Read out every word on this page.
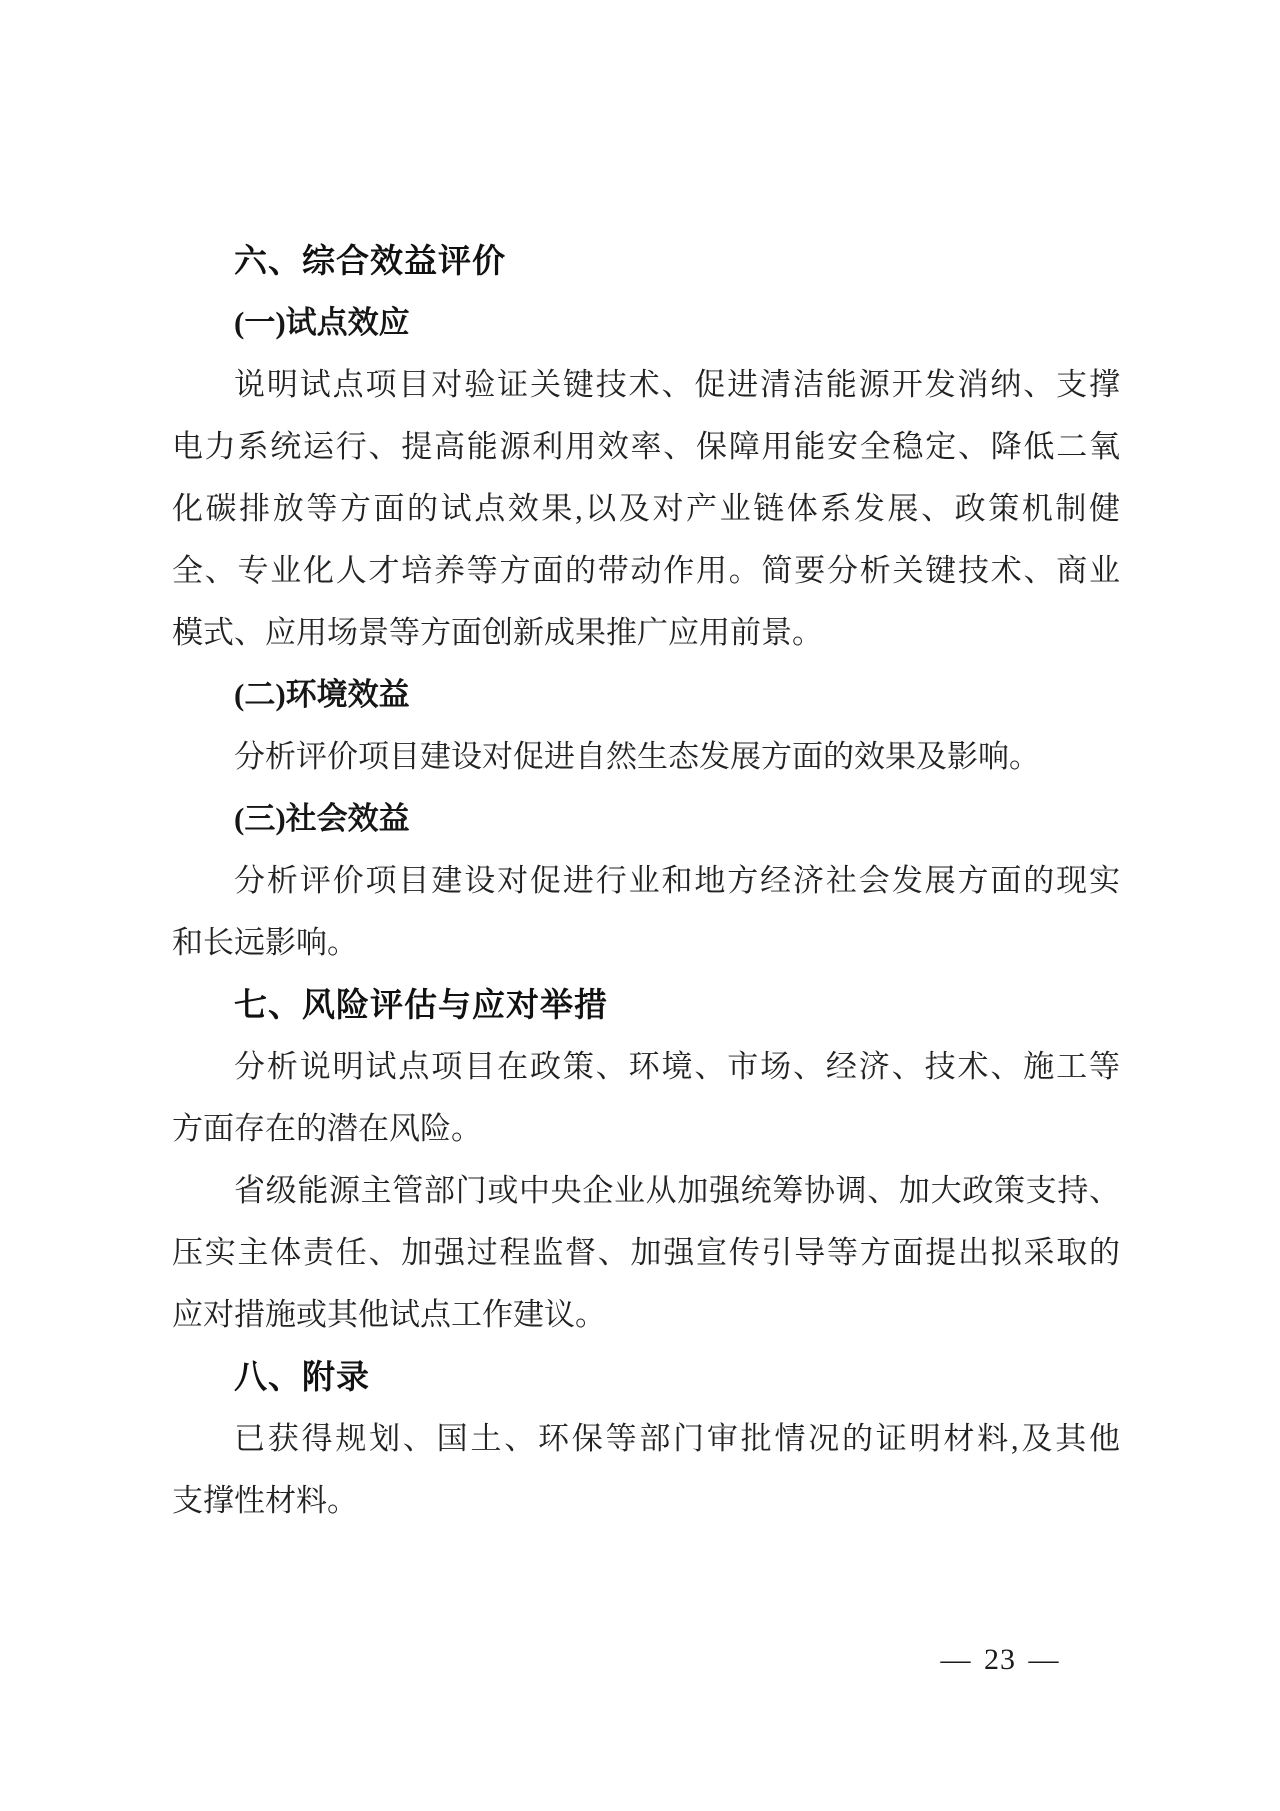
六、综合效益评价
(一)试点效应
说明试点项目对验证关键技术、促进清洁能源开发消纳、支撑
电力系统运行、提高能源利用效率、保障用能安全稳定、降低二氧
化碳排放等方面的试点效果,以及对产业链体系发展、政策机制健
全、专业化人才培养等方面的带动作用。简要分析关键技术、商业
模式、应用场景等方面创新成果推广应用前景。
(二)环境效益
分析评价项目建设对促进自然生态发展方面的效果及影响。
(三)社会效益
分析评价项目建设对促进行业和地方经济社会发展方面的现实
和长远影响。
七、风险评估与应对举措
分析说明试点项目在政策、环境、市场、经济、技术、施工等
方面存在的潜在风险。
省级能源主管部门或中央企业从加强统筹协调、加大政策支持、
压实主体责任、加强过程监督、加强宣传引导等方面提出拟采取的
应对措施或其他试点工作建议。
八、附录
已获得规划、国土、环保等部门审批情况的证明材料,及其他
支撑性材料。
— 23 —
